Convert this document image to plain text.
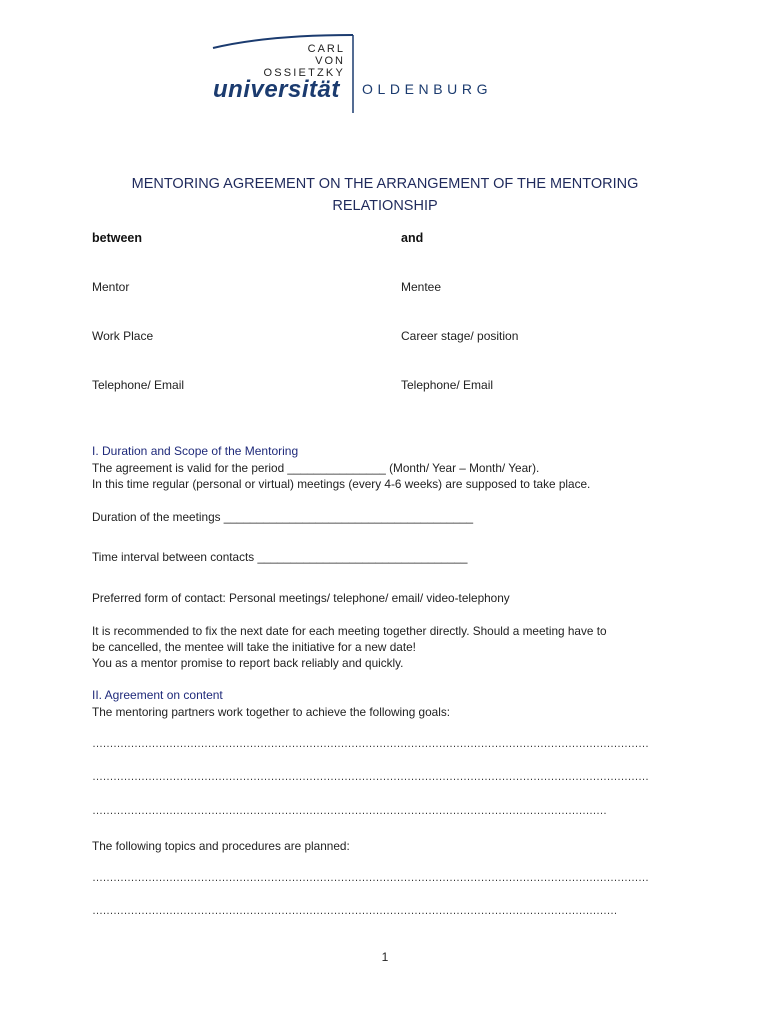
CARL
VON
OSSIETZKY
universität OLDENBURG
MENTORING AGREEMENT ON THE ARRANGEMENT OF THE MENTORING
RELATIONSHIP
between	and
Mentor	Mentee
Work Place	Career stage/ position
Telephone/ Email	Telephone/ Email
I. Duration and Scope of the Mentoring
The agreement is valid for the period _______________ (Month/ Year – Month/ Year).
In this time regular (personal or virtual) meetings (every 4-6 weeks) are supposed to take place.
Duration of the meetings ______________________________________
Time interval between contacts ________________________________
Preferred form of contact: Personal meetings/ telephone/ email/ video-telephony
It is recommended to fix the next date for each meeting together directly. Should a meeting have to
be cancelled, the mentee will take the initiative for a new date!
You as a mentor promise to report back reliably and quickly.
II. Agreement on content
The mentoring partners work together to achieve the following goals:
……………………………………………………………………………………………………………………………………………
……………………………………………………………………………………………………………………………………………
…………………………………………………………………………………………………………………………………
The following topics and procedures are planned:
……………………………………………………………………………………………………………………………………………
……………………………………………………………………………………………………………………………………
1
